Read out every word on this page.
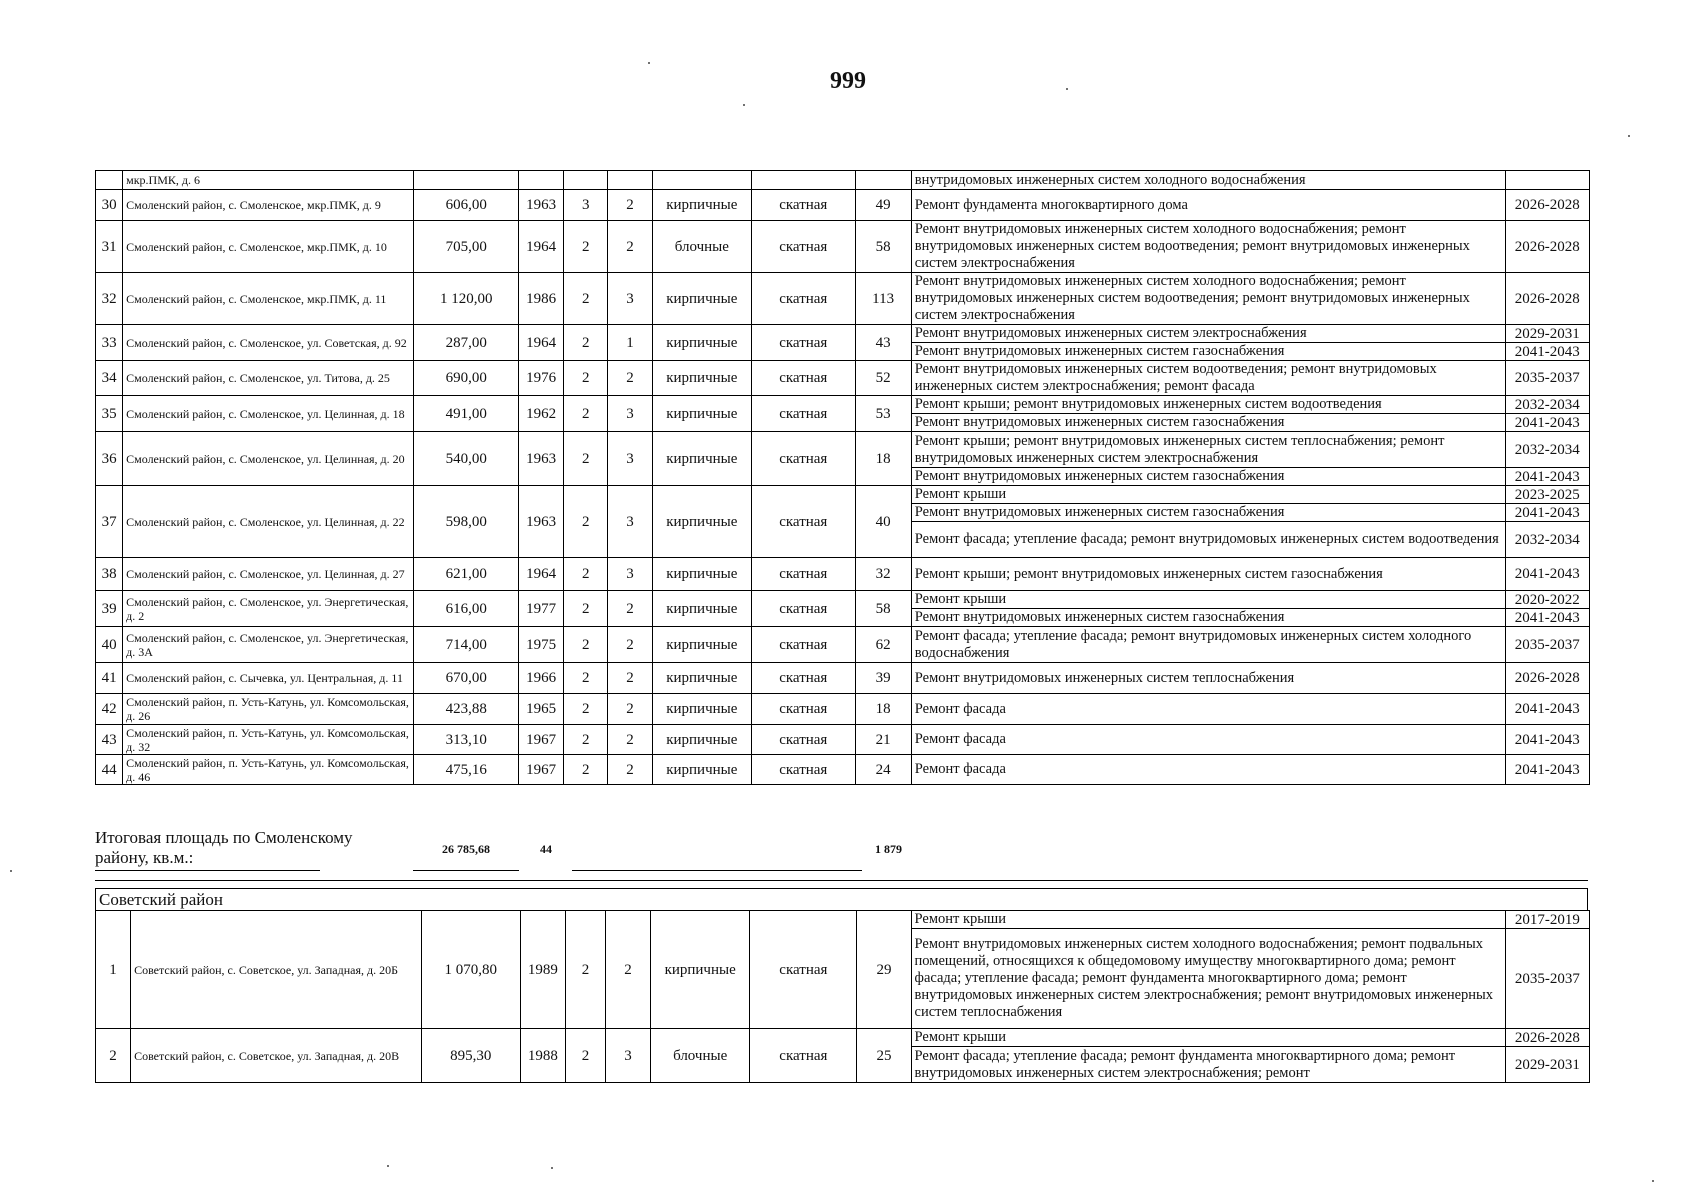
999
	мкр.ПМК, д. 6								внутридомовых инженерных систем холодного водоснабжения	
30	Смоленский район, с. Смоленское, мкр.ПМК, д. 9	606,00	1963	3	2	кирпичные	скатная	49	Ремонт фундамента многоквартирного дома	2026-2028
31	Смоленский район, с. Смоленское, мкр.ПМК, д. 10	705,00	1964	2	2	блочные	скатная	58	Ремонт внутридомовых инженерных систем холодного водоснабжения; ремонт внутридомовых инженерных систем водоотведения; ремонт внутридомовых инженерных систем электроснабжения	2026-2028
32	Смоленский район, с. Смоленское, мкр.ПМК, д. 11	1 120,00	1986	2	3	кирпичные	скатная	113	Ремонт внутридомовых инженерных систем холодного водоснабжения; ремонт внутридомовых инженерных систем водоотведения; ремонт внутридомовых инженерных систем электроснабжения	2026-2028
33	Смоленский район, с. Смоленское, ул. Советская, д. 92	287,00	1964	2	1	кирпичные	скатная	43	Ремонт внутридомовых инженерных систем электроснабжения	2029-2031
									Ремонт внутридомовых инженерных систем газоснабжения	2041-2043
34	Смоленский район, с. Смоленское, ул. Титова, д. 25	690,00	1976	2	2	кирпичные	скатная	52	Ремонт внутридомовых инженерных систем водоотведения; ремонт внутридомовых инженерных систем электроснабжения; ремонт фасада	2035-2037
35	Смоленский район, с. Смоленское, ул. Целинная, д. 18	491,00	1962	2	3	кирпичные	скатная	53	Ремонт крыши; ремонт внутридомовых инженерных систем водоотведения	2032-2034
									Ремонт внутридомовых инженерных систем газоснабжения	2041-2043
36	Смоленский район, с. Смоленское, ул. Целинная, д. 20	540,00	1963	2	3	кирпичные	скатная	18	Ремонт крыши; ремонт внутридомовых инженерных систем теплоснабжения; ремонт внутридомовых инженерных систем электроснабжения	2032-2034
									Ремонт внутридомовых инженерных систем газоснабжения	2041-2043
37	Смоленский район, с. Смоленское, ул. Целинная, д. 22	598,00	1963	2	3	кирпичные	скатная	40	Ремонт крыши	2023-2025
									Ремонт внутридомовых инженерных систем газоснабжения	2041-2043
									Ремонт фасада; утепление фасада; ремонт внутридомовых инженерных систем водоотведения	2032-2034
38	Смоленский район, с. Смоленское, ул. Целинная, д. 27	621,00	1964	2	3	кирпичные	скатная	32	Ремонт крыши; ремонт внутридомовых инженерных систем газоснабжения	2041-2043
39	Смоленский район, с. Смоленское, ул. Энергетическая, д. 2	616,00	1977	2	2	кирпичные	скатная	58	Ремонт крыши	2020-2022
									Ремонт внутридомовых инженерных систем газоснабжения	2041-2043
40	Смоленский район, с. Смоленское, ул. Энергетическая, д. 3А	714,00	1975	2	2	кирпичные	скатная	62	Ремонт фасада; утепление фасада; ремонт внутридомовых инженерных систем холодного водоснабжения	2035-2037
41	Смоленский район, с. Сычевка, ул. Центральная, д. 11	670,00	1966	2	2	кирпичные	скатная	39	Ремонт внутридомовых инженерных систем теплоснабжения	2026-2028
42	Смоленский район, п. Усть-Катунь, ул. Комсомольская, д. 26	423,88	1965	2	2	кирпичные	скатная	18	Ремонт фасада	2041-2043
43	Смоленский район, п. Усть-Катунь, ул. Комсомольская, д. 32	313,10	1967	2	2	кирпичные	скатная	21	Ремонт фасада	2041-2043
44	Смоленский район, п. Усть-Катунь, ул. Комсомольская, д. 46	475,16	1967	2	2	кирпичные	скатная	24	Ремонт фасада	2041-2043
Итоговая площадь по Смоленскому району, кв.м.:	26 785,68	44	1 879
Советский район
1	Советский район, с. Советское, ул. Западная, д. 20Б	1 070,80	1989	2	2	кирпичные	скатная	29	Ремонт крыши	2017-2019
									Ремонт внутридомовых инженерных систем холодного водоснабжения; ремонт подвальных помещений, относящихся к общедомовому имуществу многоквартирного дома; ремонт фасада; утепление фасада; ремонт фундамента многоквартирного дома; ремонт внутридомовых инженерных систем электроснабжения; ремонт внутридомовых инженерных систем теплоснабжения	2035-2037
2	Советский район, с. Советское, ул. Западная, д. 20В	895,30	1988	2	3	блочные	скатная	25	Ремонт крыши	2026-2028
									Ремонт фасада; утепление фасада; ремонт фундамента многоквартирного дома; ремонт внутридомовых инженерных систем электроснабжения; ремонт	2029-2031
